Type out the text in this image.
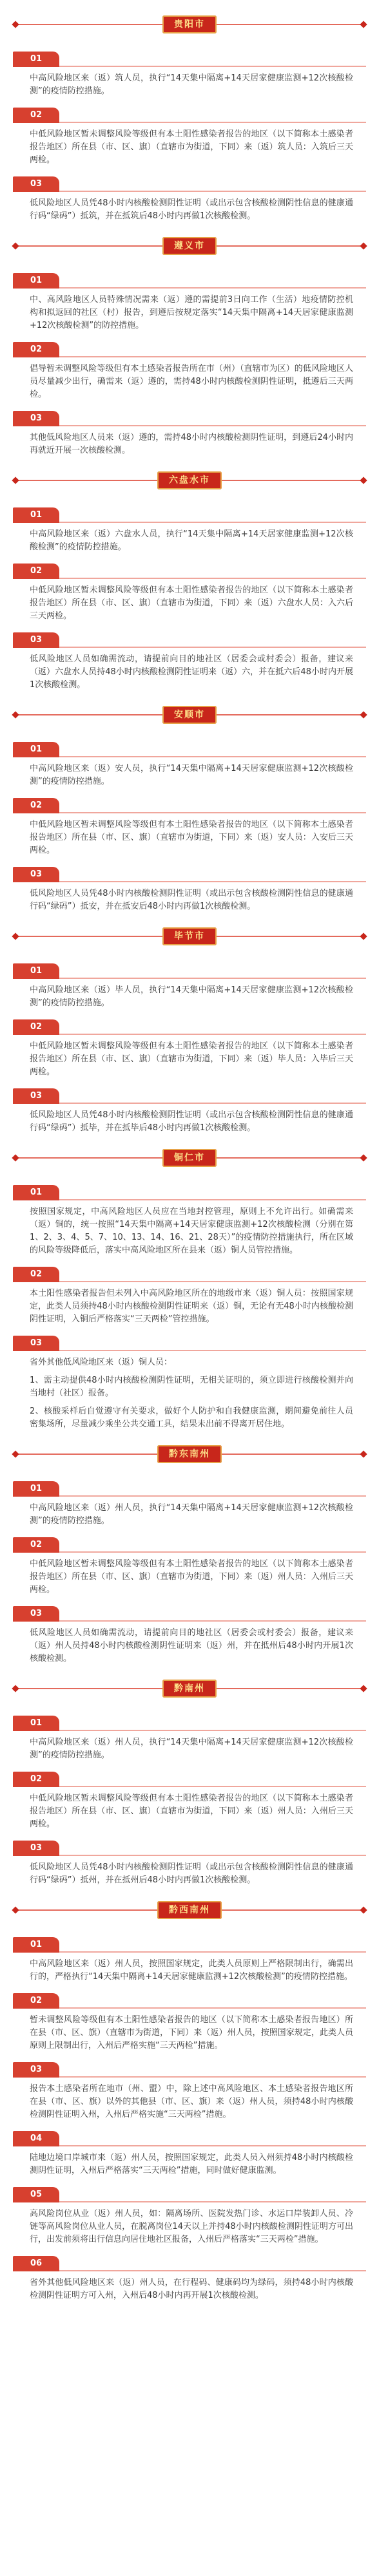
贵阳市
01

中高风险地区来（返）筑人员，执行“14天集中隔离+14天居家健康监测+12次核酸检测”的疫情防控措施。

02

中低风险地区暂未调整风险等级但有本土阳性感染者报告的地区（以下简称本土感染者报告地区）所在县（市、区、旗）（直辖市为街道，下同）来（返）筑人员：入筑后三天两检。

03

低风险地区人员凭48小时内核酸检测阴性证明（或出示包含核酸检测阴性信息的健康通行码“绿码”）抵筑，并在抵筑后48小时内再做1次核酸检测。

遵义市
01

中、高风险地区人员特殊情况需来（返）遵的需提前3日向工作（生活）地疫情防控机构和拟返回的社区（村）报告，到遵后按规定落实“14天集中隔离+14天居家健康监测+12次核酸检测”的防控措施。

02

倡导暂未调整风险等级但有本土感染者报告所在市（州）（直辖市为区）的低风险地区人员尽量减少出行，确需来（返）遵的，需持48小时内核酸检测阴性证明，抵遵后三天两检。

03

其他低风险地区人员来（返）遵的，需持48小时内核酸检测阴性证明，到遵后24小时内再就近开展一次核酸检测。

六盘水市
01

中高风险地区来（返）六盘水人员，执行“14天集中隔离+14天居家健康监测+12次核酸检测”的疫情防控措施。

02

中低风险地区暂未调整风险等级但有本土阳性感染者报告的地区（以下简称本土感染者报告地区）所在县（市、区、旗）（直辖市为街道，下同）来（返）六盘水人员：入六后三天两检。

03

低风险地区人员如确需流动，请提前向目的地社区（居委会或村委会）报备，建议来（返）六盘水人员持48小时内核酸检测阴性证明来（返）六，并在抵六后48小时内开展1次核酸检测。

安顺市
01

中高风险地区来（返）安人员，执行“14天集中隔离+14天居家健康监测+12次核酸检测”的疫情防控措施。

02

中低风险地区暂未调整风险等级但有本土阳性感染者报告的地区（以下简称本土感染者报告地区）所在县（市、区、旗）（直辖市为街道，下同）来（返）安人员：入安后三天两检。

03

低风险地区人员凭48小时内核酸检测阴性证明（或出示包含核酸检测阴性信息的健康通行码“绿码”）抵安，并在抵安后48小时内再做1次核酸检测。

毕节市
01

中高风险地区来（返）毕人员，执行“14天集中隔离+14天居家健康监测+12次核酸检测”的疫情防控措施。

02

中低风险地区暂未调整风险等级但有本土阳性感染者报告的地区（以下简称本土感染者报告地区）所在县（市、区、旗）（直辖市为街道，下同）来（返）毕人员：入毕后三天两检。

03

低风险地区人员凭48小时内核酸检测阴性证明（或出示包含核酸检测阴性信息的健康通行码“绿码”）抵毕，并在抵毕后48小时内再做1次核酸检测。

铜仁市
01

按照国家规定，中高风险地区人员应在当地封控管理，原则上不允许出行。如确需来（返）铜的，统一按照“14天集中隔离+14天居家健康监测+12次核酸检测（分别在第1、2、3、4、5、7、10、13、14、16、21、28天）”的疫情防控措施执行，所在区域的风险等级降低后，落实中高风险地区所在县来（返）铜人员管控措施。

02

本土阳性感染者报告但未列入中高风险地区所在的地级市来（返）铜人员：按照国家规定，此类人员须持48小时内核酸检测阴性证明来（返）铜，无论有无48小时内核酸检测阴性证明，入铜后严格落实“三天两检”管控措施。

03

省外其他低风险地区来（返）铜人员：

1、需主动提供48小时内核酸检测阴性证明，无相关证明的，须立即进行核酸检测并向当地村（社区）报备。

2、核酸采样后自觉遵守有关要求，做好个人防护和自我健康监测，期间避免前往人员密集场所，尽量减少乘坐公共交通工具，结果未出前不得离开居住地。

黔东南州
01

中高风险地区来（返）州人员，执行“14天集中隔离+14天居家健康监测+12次核酸检测”的疫情防控措施。

02

中低风险地区暂未调整风险等级但有本土阳性感染者报告的地区（以下简称本土感染者报告地区）所在县（市、区、旗）（直辖市为街道，下同）来（返）州人员：入州后三天两检。

03

低风险地区人员如确需流动，请提前向目的地社区（居委会或村委会）报备，建议来（返）州人员持48小时内核酸检测阴性证明来（返）州，并在抵州后48小时内开展1次核酸检测。

黔南州
01

中高风险地区来（返）州人员，执行“14天集中隔离+14天居家健康监测+12次核酸检测”的疫情防控措施。

02

中低风险地区暂未调整风险等级但有本土阳性感染者报告的地区（以下简称本土感染者报告地区）所在县（市、区、旗）（直辖市为街道，下同）来（返）州人员：入州后三天两检。

03

低风险地区人员凭48小时内核酸检测阴性证明（或出示包含核酸检测阴性信息的健康通行码“绿码”）抵州，并在抵州后48小时内再做1次核酸检测。

黔西南州
01

中高风险地区来（返）州人员，按照国家规定，此类人员原则上严格限制出行，确需出行的，严格执行“14天集中隔离+14天居家健康监测+12次核酸检测”的疫情防控措施。

02

暂未调整风险等级但有本土阳性感染者报告的地区（以下简称本土感染者报告地区）所在县（市、区、旗）（直辖市为街道，下同）来（返）州人员，按照国家规定，此类人员原则上限制出行，入州后严格实施“三天两检”措施。

03

报告本土感染者所在地市（州、盟）中，除上述中高风险地区、本土感染者报告地区所在县（市、区、旗）以外的其他县（市、区、旗）来（返）州人员，须持48小时内核酸检测阴性证明入州，入州后严格实施“三天两检”措施。

04

陆地边境口岸城市来（返）州人员，按照国家规定，此类人员入州须持48小时内核酸检测阴性证明，入州后严格落实“三天两检”措施，同时做好健康监测。

05

高风险岗位从业（返）州人员，如：隔离场所、医院发热门诊、水运口岸装卸人员、冷链等高风险岗位从业人员，在脱离岗位14天以上并持48小时内核酸检测阴性证明方可出行，出发前须将出行信息向居住地社区报备，入州后严格落实“三天两检”措施。

06

省外其他低风险地区来（返）州人员，在行程码、健康码均为绿码，须持48小时内核酸检测阴性证明方可入州，入州后48小时内再开展1次核酸检测。
